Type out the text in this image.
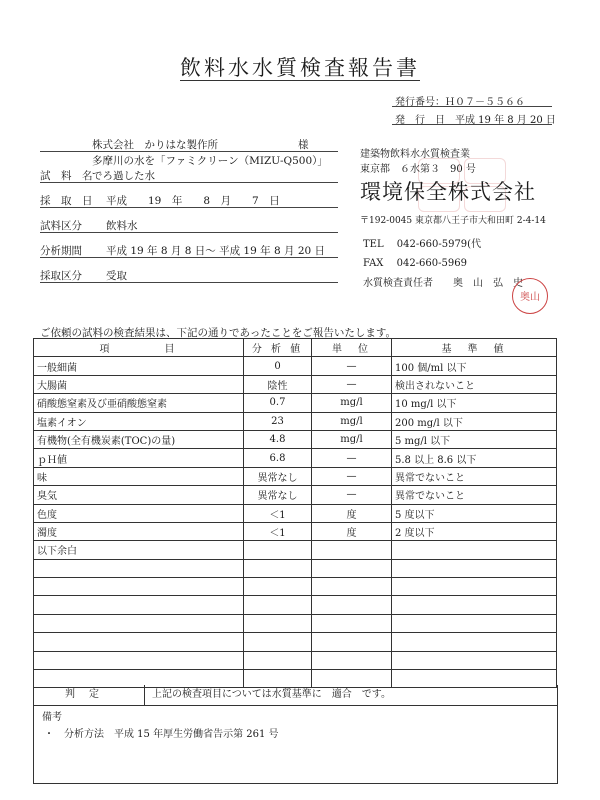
飲料水水質検査報告書
発行番号：Ｈ０７－５５６６
発　行　日　平成 19 年 8 月 20 日
株式会社　かりはな製作所	様
多摩川の水を「ファミクリーン（MIZU-Q500）」
試　料　名 でろ過した水
採　取　日 平成　　19　年　　8　月　　7　日
試料区分 飲料水
分析期間 平成 19 年 8 月 8 日～ 平成 19 年 8 月 20 日
採取区分 受取
建築物飲料水水質検査業
東京都　６水第３　90 号
環境保全株式会社
〒192-0045 東京都八王子市大和田町 2-4-14
TEL　 042-660-5979(代
FAX　 042-660-5969
水質検査責任者　　奥　山　弘　史
奥山
ご依頼の試料の検査結果は、下記の通りであったことをご報告いたします。
項　　　　目	分 析 値	単　位	基　準　値
一般細菌	0	—	100 個/ml 以下
大腸菌	陰性	—	検出されないこと
硝酸態窒素及び亜硝酸態窒素	0.7	mg/l	10 mg/l 以下
塩素イオン	23	mg/l	200 mg/l 以下
有機物(全有機炭素(TOC)の量)	4.8	mg/l	5 mg/l 以下
ｐＨ値	6.8	—	5.8 以上 8.6 以下
味	異常なし	—	異常でないこと
臭気	異常なし	—	異常でないこと
色度	＜1	度	5 度以下
濁度	＜1	度	2 度以下
以下余白			

判定	上記の検査項目については水質基準に　適合　です。
備考
・　分析方法　平成 15 年厚生労働省告示第 261 号
